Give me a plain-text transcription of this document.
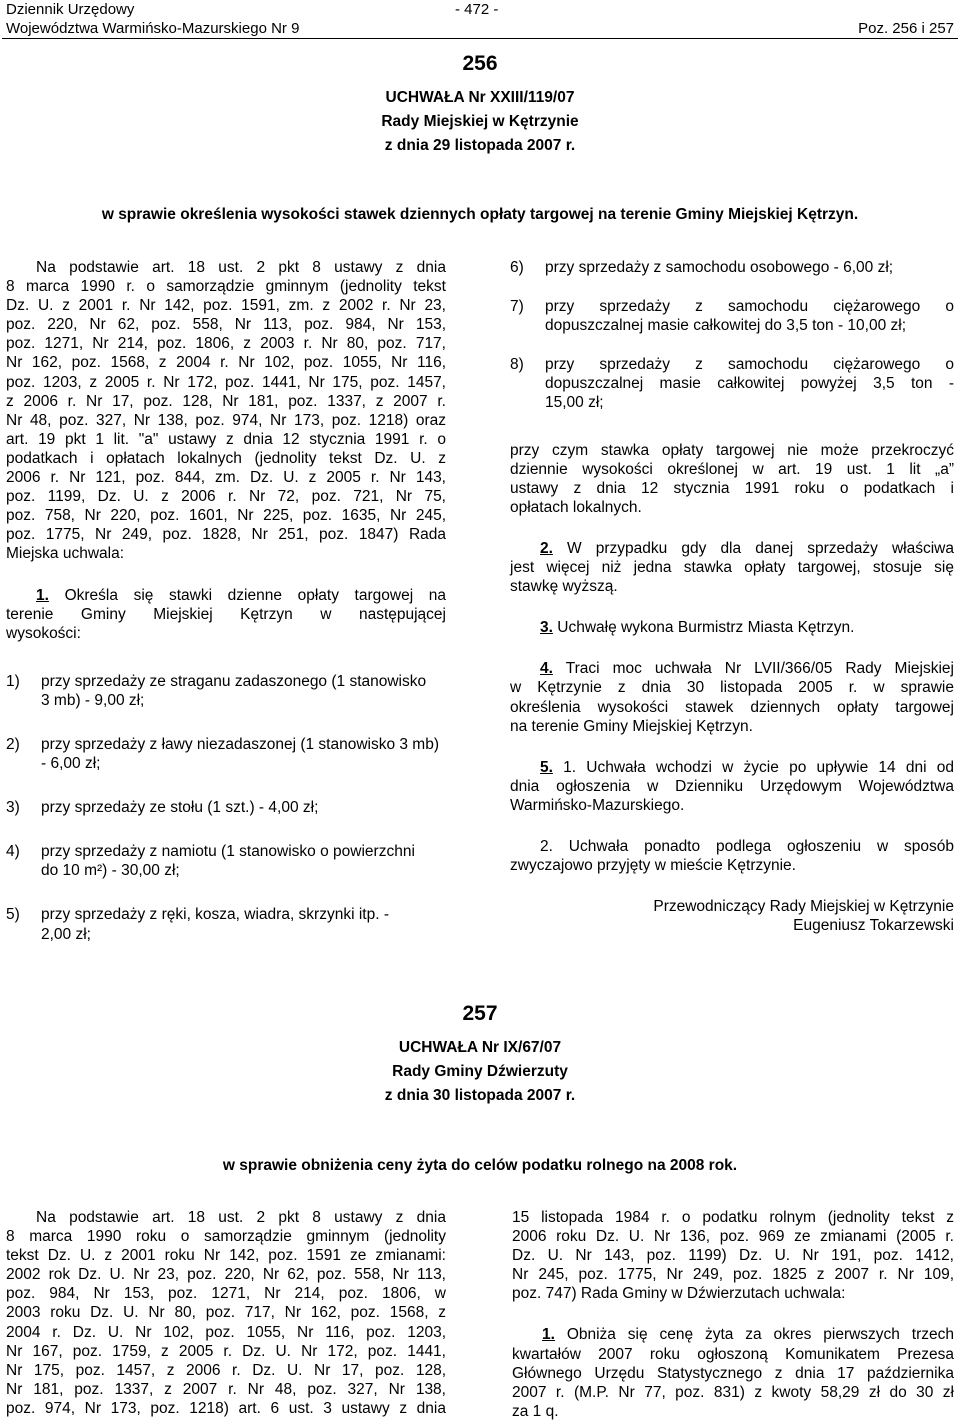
Dziennik Urzędowy
Województwa Warmińsko-Mazurskiego Nr 9
- 472 -
Poz. 256 i 257
256
UCHWAŁA Nr XXIII/119/07
Rady Miejskiej w Kętrzynie
z dnia 29 listopada 2007 r.
w sprawie określenia wysokości stawek dziennych opłaty targowej na terenie Gminy Miejskiej Kętrzyn.

Na podstawie art. 18 ust. 2 pkt 8 ustawy z dnia

8 marca 1990 r. o samorządzie gminnym (jednolity tekst

Dz. U. z 2001 r. Nr 142, poz. 1591, zm. z 2002 r. Nr 23,

poz. 220, Nr 62, poz. 558, Nr 113, poz. 984, Nr 153,

poz. 1271, Nr 214, poz. 1806, z 2003 r. Nr 80, poz. 717,

Nr 162, poz. 1568, z 2004 r. Nr 102, poz. 1055, Nr 116,

poz. 1203, z 2005 r. Nr 172, poz. 1441, Nr 175, poz. 1457,

z 2006 r. Nr 17, poz. 128, Nr 181, poz. 1337, z 2007 r.

Nr 48, poz. 327, Nr 138, poz. 974, Nr 173, poz. 1218) oraz

art. 19 pkt 1 lit. "a" ustawy z dnia 12 stycznia 1991 r. o

podatkach i opłatach lokalnych (jednolity tekst Dz. U. z

2006 r. Nr 121, poz. 844, zm. Dz. U. z 2005 r. Nr 143,

poz. 1199, Dz. U. z 2006 r. Nr 72, poz. 721, Nr 75,

poz. 758, Nr 220, poz. 1601, Nr 225, poz. 1635, Nr 245,

poz. 1775, Nr 249, poz. 1828, Nr 251, poz. 1847) Rada

Miejska uchwala:

1. Określa się stawki dzienne opłaty targowej na

terenie Gminy Miejskiej Kętrzyn w następującej

wysokości:

1)	przy sprzedaży ze straganu zadaszonego (1 stanowisko

3 mb) - 9,00 zł;

2)	przy sprzedaży z ławy niezadaszonej (1 stanowisko 3 mb)

- 6,00 zł;

3)	przy sprzedaży ze stołu (1 szt.) - 4,00 zł;

4)	przy sprzedaży z namiotu (1 stanowisko o powierzchni

do 10 m²) - 30,00 zł;

5)	przy sprzedaży z ręki, kosza, wiadra, skrzynki itp. -

2,00 zł;

6)	przy sprzedaży z samochodu osobowego - 6,00 zł;

7)	przy sprzedaży z samochodu ciężarowego o

dopuszczalnej masie całkowitej do 3,5 ton - 10,00 zł;

8)	przy sprzedaży z samochodu ciężarowego o

dopuszczalnej masie całkowitej powyżej 3,5 ton -

15,00 zł;

przy czym stawka opłaty targowej nie może przekroczyć

dziennie wysokości określonej w art. 19 ust. 1 lit „a”

ustawy z dnia 12 stycznia 1991 roku o podatkach i

opłatach lokalnych.

2. W przypadku gdy dla danej sprzedaży właściwa

jest więcej niż jedna stawka opłaty targowej, stosuje się

stawkę wyższą.

3. Uchwałę wykona Burmistrz Miasta Kętrzyn.

4. Traci moc uchwała Nr LVII/366/05 Rady Miejskiej

w Kętrzynie z dnia 30 listopada 2005 r. w sprawie

określenia wysokości stawek dziennych opłaty targowej

na terenie Gminy Miejskiej Kętrzyn.

5. 1. Uchwała wchodzi w życie po upływie 14 dni od

dnia ogłoszenia w Dzienniku Urzędowym Województwa

Warmińsko-Mazurskiego.

2. Uchwała ponadto podlega ogłoszeniu w sposób

zwyczajowo przyjęty w mieście Kętrzynie.

Przewodniczący Rady Miejskiej w Kętrzynie

Eugeniusz Tokarzewski

257
UCHWAŁA Nr IX/67/07
Rady Gminy Dźwierzuty
z dnia 30 listopada 2007 r.
w sprawie obniżenia ceny żyta do celów podatku rolnego na 2008 rok.

Na podstawie art. 18 ust. 2 pkt 8 ustawy z dnia

8 marca 1990 roku o samorządzie gminnym (jednolity

tekst Dz. U. z 2001 roku Nr 142, poz. 1591 ze zmianami:

2002 rok Dz. U. Nr 23, poz. 220, Nr 62, poz. 558, Nr 113,

poz. 984, Nr 153, poz. 1271, Nr 214, poz. 1806, w

2003 roku Dz. U. Nr 80, poz. 717, Nr 162, poz. 1568, z

2004 r. Dz. U. Nr 102, poz. 1055, Nr 116, poz. 1203,

Nr 167, poz. 1759, z 2005 r. Dz. U. Nr 172, poz. 1441,

Nr 175, poz. 1457, z 2006 r. Dz. U. Nr 17, poz. 128,

Nr 181, poz. 1337, z 2007 r. Nr 48, poz. 327, Nr 138,

poz. 974, Nr 173, poz. 1218) art. 6 ust. 3 ustawy z dnia

15 listopada 1984 r. o podatku rolnym (jednolity tekst z

2006 roku Dz. U. Nr 136, poz. 969 ze zmianami (2005 r.

Dz. U. Nr 143, poz. 1199) Dz. U. Nr 191, poz. 1412,

Nr 245, poz. 1775, Nr 249, poz. 1825 z 2007 r. Nr 109,

poz. 747) Rada Gminy w Dźwierzutach uchwala:

1. Obniża się cenę żyta za okres pierwszych trzech

kwartałów 2007 roku ogłoszoną Komunikatem Prezesa

Głównego Urzędu Statystycznego z dnia 17 października

2007 r. (M.P. Nr 77, poz. 831) z kwoty 58,29 zł do 30 zł

za 1 q.
